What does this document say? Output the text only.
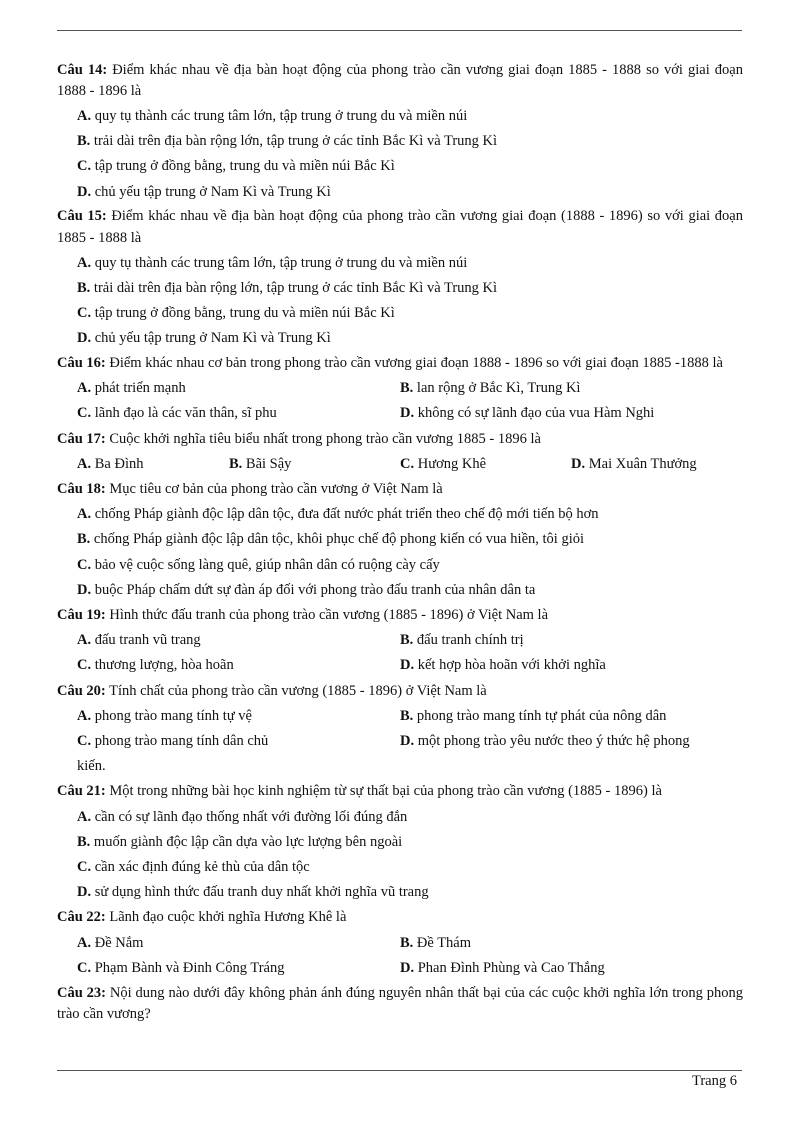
Câu 14: Điểm khác nhau về địa bàn hoạt động của phong trào cần vương giai đoạn 1885 - 1888 so với giai đoạn 1888 - 1896 là

A. quy tụ thành các trung tâm lớn, tập trung ở trung du và miền núi
B. trải dài trên địa bàn rộng lớn, tập trung ở các tỉnh Bắc Kì và Trung Kì
C. tập trung ở đồng bằng, trung du và miền núi Bắc Kì
D. chủ yếu tập trung ở Nam Kì và Trung Kì

Câu 15: Điểm khác nhau về địa bàn hoạt động của phong trào cần vương giai đoạn (1888 - 1896) so với giai đoạn 1885 - 1888 là

A. quy tụ thành các trung tâm lớn, tập trung ở trung du và miền núi
B. trải dài trên địa bàn rộng lớn, tập trung ở các tỉnh Bắc Kì và Trung Kì
C. tập trung ở đồng bằng, trung du và miền núi Bắc Kì
D. chủ yếu tập trung ở Nam Kì và Trung Kì

Câu 16: Điểm khác nhau cơ bản trong phong trào cần vương giai đoạn 1888 - 1896 so với giai đoạn 1885 -1888 là

A. phát triển mạnh	B. lan rộng ở Bắc Kì, Trung Kì
C. lãnh đạo là các văn thân, sĩ phu	D. không có sự lãnh đạo của vua Hàm Nghi

Câu 17: Cuộc khởi nghĩa tiêu biểu nhất trong phong trào cần vương 1885 - 1896 là

A. Ba Đình	B. Bãi Sậy	C. Hương Khê	D. Mai Xuân Thưởng

Câu 18: Mục tiêu cơ bản của phong trào cần vương ở Việt Nam là

A. chống Pháp giành độc lập dân tộc, đưa đất nước phát triển theo chế độ mới tiến bộ hơn
B. chống Pháp giành độc lập dân tộc, khôi phục chế độ phong kiến có vua hiền, tôi giỏi
C. bảo vệ cuộc sống làng quê, giúp nhân dân có ruộng cày cấy
D. buộc Pháp chấm dứt sự đàn áp đối với phong trào đấu tranh của nhân dân ta

Câu 19: Hình thức đấu tranh của phong trào cần vương (1885 - 1896) ở Việt Nam là

A. đấu tranh vũ trang	B. đấu tranh chính trị
C. thương lượng, hòa hoãn	D. kết hợp hòa hoãn với khởi nghĩa

Câu 20: Tính chất của phong trào cần vương (1885 - 1896) ở Việt Nam là

A. phong trào mang tính tự vệ	B. phong trào mang tính tự phát của nông dân
C. phong trào mang tính dân chủ	D. một phong trào yêu nước theo ý thức hệ phong
kiến.

Câu 21: Một trong những bài học kinh nghiệm từ sự thất bại của phong trào cần vương (1885 - 1896) là

A. cần có sự lãnh đạo thống nhất với đường lối đúng đắn
B. muốn giành độc lập cần dựa vào lực lượng bên ngoài
C. cần xác định đúng kẻ thù của dân tộc
D. sử dụng hình thức đấu tranh duy nhất khởi nghĩa vũ trang

Câu 22: Lãnh đạo cuộc khởi nghĩa Hương Khê là

A. Đề Nắm	B. Đề Thám
C. Phạm Bành và Đinh Công Tráng	D. Phan Đình Phùng và Cao Thắng

Câu 23: Nội dung nào dưới đây không phản ánh đúng nguyên nhân thất bại của các cuộc khởi nghĩa lớn trong phong trào cần vương?

Trang 6
